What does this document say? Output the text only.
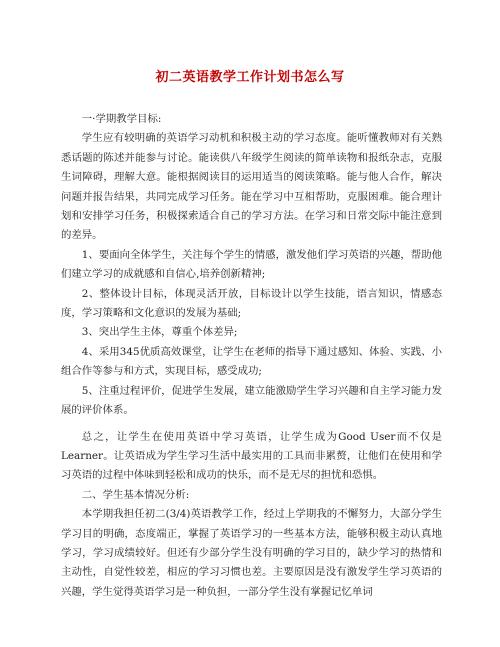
初二英语教学工作计划书怎么写

一·学期教学目标:

学生应有较明确的英语学习动机和积极主动的学习态度。能听懂教师对有关熟悉话题的陈述并能参与讨论。能读供八年级学生阅读的简单读物和报纸杂志，克服生词障碍，理解大意。能根据阅读目的运用适当的阅读策略。能与他人合作，解决问题并报告结果，共同完成学习任务。能在学习中互相帮助，克服困难。能合理计划和安排学习任务，积极探索适合自己的学习方法。在学习和日常交际中能注意到的差异。

1、要面向全体学生，关注每个学生的情感，激发他们学习英语的兴趣，帮助他们建立学习的成就感和自信心,培养创新精神;

2、整体设计目标，体现灵活开放，目标设计以学生技能，语言知识，情感态度，学习策略和文化意识的发展为基础;

3、突出学生主体，尊重个体差异;

4、采用345优质高效课堂，让学生在老师的指导下通过感知、体验、实践、小组合作等参与和方式，实现目标，感受成功;

5、注重过程评价，促进学生发展，建立能激励学生学习兴趣和自主学习能力发展的评价体系。

总之，让学生在使用英语中学习英语，让学生成为Good User而不仅是Learner。让英语成为学生学习生活中最实用的工具而非累赘，让他们在使用和学习英语的过程中体味到轻松和成功的快乐，而不是无尽的担忧和恐惧。

二、学生基本情况分析:

本学期我担任初二(3/4)英语教学工作，经过上学期我的不懈努力，大部分学生学习目的明确，态度端正，掌握了英语学习的一些基本方法，能够积极主动认真地学习，学习成绩较好。但还有少部分学生没有明确的学习目的，缺少学习的热情和主动性，自觉性较差，相应的学习习惯也差。主要原因是没有激发学生学习英语的兴趣，学生觉得英语学习是一种负担，一部分学生没有掌握记忆单词
